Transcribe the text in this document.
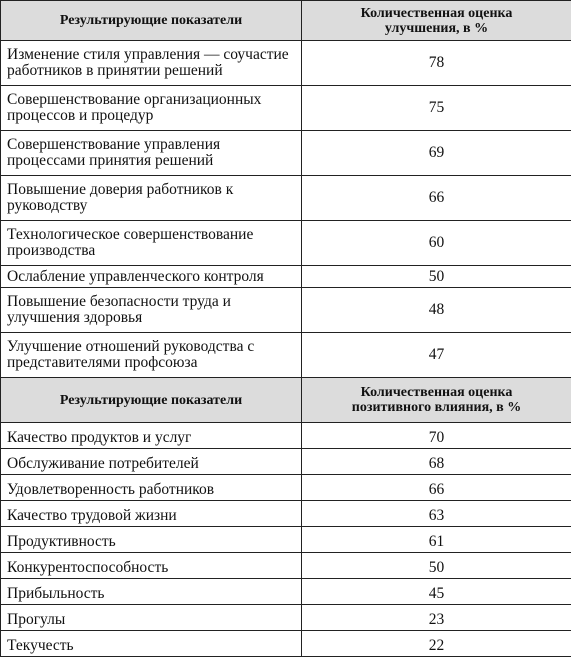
Результирующие показатели	Количественная оценка улучшения, в %
Изменение стиля управления — соучастие работников в принятии решений	78
Совершенствование организационных процессов и процедур	75
Совершенствование управления процессами принятия решений	69
Повышение доверия работников к руководству	66
Технологическое совершенствование производства	60
Ослабление управленческого контроля	50
Повышение безопасности труда и улучшения здоровья	48
Улучшение отношений руководства с представителями профсоюза	47
Результирующие показатели	Количественная оценка позитивного влияния, в %
Качество продуктов и услуг	70
Обслуживание потребителей	68
Удовлетворенность работников	66
Качество трудовой жизни	63
Продуктивность	61
Конкурентоспособность	50
Прибыльность	45
Прогулы	23
Текучесть	22
